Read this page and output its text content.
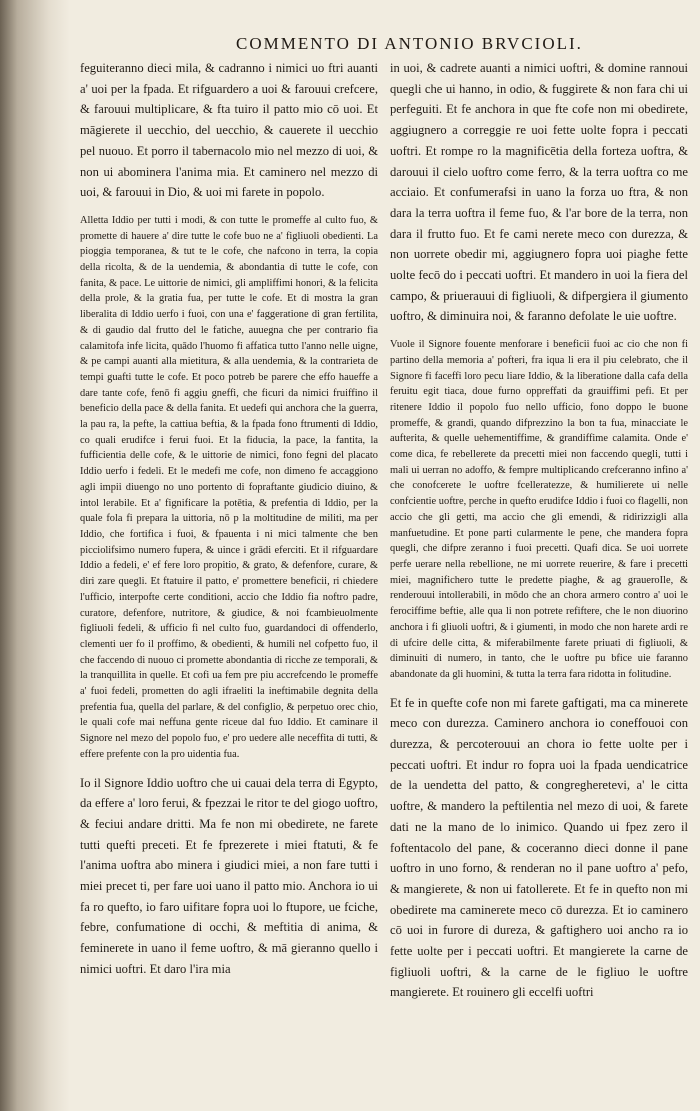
COMMENTO DI ANTONIO BRVCIOLI.

feguiteranno dieci mila, & cadranno i nimici uo ftri auanti a' uoi per la fpada. Et rifguardero a uoi & farouui crefcere, & farouui multiplicare, & fta tuiro il patto mio cō uoi. Et māgierete il uecchio, del uecchio, & cauerete il uecchio pel nuouo. Et porro il tabernacolo mio nel mezzo di uoi, & non ui abominera l'anima mia. Et caminero nel mezzo di uoi, & farouui in Dio, & uoi mi farete in popolo.

Alletta Iddio per tutti i modi, & con tutte le promeffe al culto fuo, & promette di hauere a' dire tutte le cofe buo ne a' figliuoli obedienti. La pioggia temporanea, & tut te le cofe, che nafcono in terra, la copia della ricolta, & de la uendemia, & abondantia di tutte le cofe, con fanita, & pace. Le uittorie de nimici, gli ampliffimi honori, & la felicita della prole, & la gratia fua, per tutte le cofe. Et di mostra la gran liberalita di Iddio uerfo i fuoi, con una e' faggeratione di gran fertilita, & di gaudio dal frutto del le fatiche, auuegna che per contrario fia calamitofa infe licita, quādo l'huomo fi affatica tutto l'anno nelle uigne, & pe campi auanti alla mietitura, & alla uendemia, & la contrarieta de tempi guafti tutte le cofe. Et poco potreb be parere che effo haueffe a dare tante cofe, fenō fi aggiu gneffi, che ficuri da nimici fruiffino il beneficio della pace & della fanita. Et uedefi qui anchora che la guerra, la pau ra, la pefte, la cattiua beftia, & la fpada fono ftrumenti di Iddio, co quali erudifce i ferui fuoi. Et la fiducia, la pace, la fantita, la fufficientia delle cofe, & le uittorie de nimici, fono fegni del placato Iddio uerfo i fedeli. Et le medefi me cofe, non dimeno fe accaggiono agli impii diuengo no uno portento di fopraftante giudicio diuino, & intol lerabile. Et a' fignificare la potētia, & prefentia di Iddio, per la quale fola fi prepara la uittoria, nō p la moltitudine de militi, ma per Iddio, che fortifica i fuoi, & fpauenta i ni mici talmente che ben picciolifsimo numero fupera, & uince i grādi eferciti. Et il rifguardare Iddio a fedeli, e' ef fere loro propitio, & grato, & defenfore, curare, & diri zare quegli. Et ftatuire il patto, e' promettere beneficii, ri chiedere l'ufficio, interpofte certe conditioni, accio che Iddio fia noftro padre, curatore, defenfore, nutritore, & giudice, & noi fcambieuolmente figliuoli fedeli, & ufficio fi nel culto fuo, guardandoci di offenderlo, clementi uer fo il proffimo, & obedienti, & humili nel cofpetto fuo, il che faccendo di nuouo ci promette abondantia di ricche ze temporali, & la tranquillita in quelle. Et cofi ua fem pre piu accrefcendo le promeffe a' fuoi fedeli, prometten do agli ifraeliti la ineftimabile degnita della prefentia fua, quella del parlare, & del configlio, & perpetuo orec chio, le quali cofe mai neffuna gente riceue dal fuo Iddio. Et caminare il Signore nel mezo del popolo fuo, e' pro uedere alle neceffita di tutti, & effere prefente con la pro uidentia fua.

Io il Signore Iddio uoftro che ui cauai dela terra di Egypto, da effere a' loro ferui, & fpezzai le ritor te del giogo uoftro, & feciui andare dritti. Ma fe non mi obedirete, ne farete tutti quefti preceti. Et fe fprezerete i miei ftatuti, & fe l'anima uoftra abo minera i giudici miei, a non fare tutti i miei precet ti, per fare uoi uano il patto mio. Anchora io ui fa ro quefto, io faro uifitare fopra uoi lo ftupore, ue fciche, febre, confumatione di occhi, & meftitia di anima, & feminerete in uano il feme uoftro, & mā gieranno quello i nimici uoftri. Et daro l'ira mia

in uoi, & cadrete auanti a nimici uoftri, & domine rannoui quegli che ui hanno, in odio, & fuggirete & non fara chi ui perfeguiti. Et fe anchora in que fte cofe non mi obedirete, aggiugnero a correggie re uoi fette uolte fopra i peccati uoftri. Et rompe ro la magnificētia della forteza uoftra, & darouui il cielo uoftro come ferro, & la terra uoftra co me acciaio. Et confumerafsi in uano la forza uo ftra, & non dara la terra uoftra il feme fuo, & l'ar bore de la terra, non dara il frutto fuo. Et fe cami nerete meco con durezza, & non uorrete obedir mi, aggiugnero fopra uoi piaghe fette uolte fecō do i peccati uoftri. Et mandero in uoi la fiera del campo, & priuerauui di figliuoli, & difpergiera il giumento uoftro, & diminuira noi, & faranno defolate le uie uoftre.

Vuole il Signore fouente menforare i beneficii fuoi ac cio che non fi partino della memoria a' pofteri, fra iqua li era il piu celebrato, che il Signore fi faceffi loro pecu liare Iddio, & la liberatione dalla cafa della feruitu egit tiaca, doue furno oppreffati da grauiffimi pefi. Et per ritenere Iddio il popolo fuo nello ufficio, fono doppo le buone promeffe, & grandi, quando difprezzino la bon ta fua, minacciate le aufterita, & quelle uehementiffime, & grandiffime calamita. Onde e' come dica, fe rebellerete da precetti miei non faccendo quegli, tutti i mali ui uerran no adoffo, & fempre multiplicando crefceranno infino a' che conofcerete le uoftre fcelleratezze, & humilierete ui nelle confcientie uoftre, perche in quefto erudifce Iddio i fuoi co flagelli, non accio che gli getti, ma accio che gli emendi, & ridirizzigli alla manfuetudine. Et pone parti cularmente le pene, che mandera fopra quegli, che difpre zeranno i fuoi precetti. Quafi dica. Se uoi uorrete perfe uerare nella rebellione, ne mi uorrete reuerire, & fare i precetti miei, magnifichero tutte le predette piaghe, & ag graueroIle, & renderouui intollerabili, in mōdo che an chora armero contro a' uoi le ferociffime beftie, alle qua li non potrete refiftere, che le non diuorino anchora i fi gliuoli uoftri, & i giumenti, in modo che non harete ardi re di ufcire delle citta, & miferabilmente farete priuati di figliuoli, & diminuiti di numero, in tanto, che le uoftre pu bfice uie faranno abandonate da gli huomini, & tutta la terra fara ridotta in folitudine.

Et fe in quefte cofe non mi farete gaftigati, ma ca minerete meco con durezza. Caminero anchora io coneffouoi con durezza, & percoterouui an chora io fette uolte per i peccati uoftri. Et indur ro fopra uoi la fpada uendicatrice de la uendetta del patto, & congregheretevi, a' le citta uoftre, & mandero la peftilentia nel mezo di uoi, & farete dati ne la mano de lo inimico. Quando ui fpez zero il foftentacolo del pane, & coceranno dieci donne il pane uoftro in uno forno, & renderan no il pane uoftro a' pefo, & mangierete, & non ui fatollerete. Et fe in quefto non mi obedirete ma caminerete meco cō durezza. Et io caminero cō uoi in furore di dureza, & gaftighero uoi ancho ra io fette uolte per i peccati uoftri. Et mangierete la carne de figliuoli uoftri, & la carne de le figliuo le uoftre mangierete. Et rouinero gli eccelfi uoftri
